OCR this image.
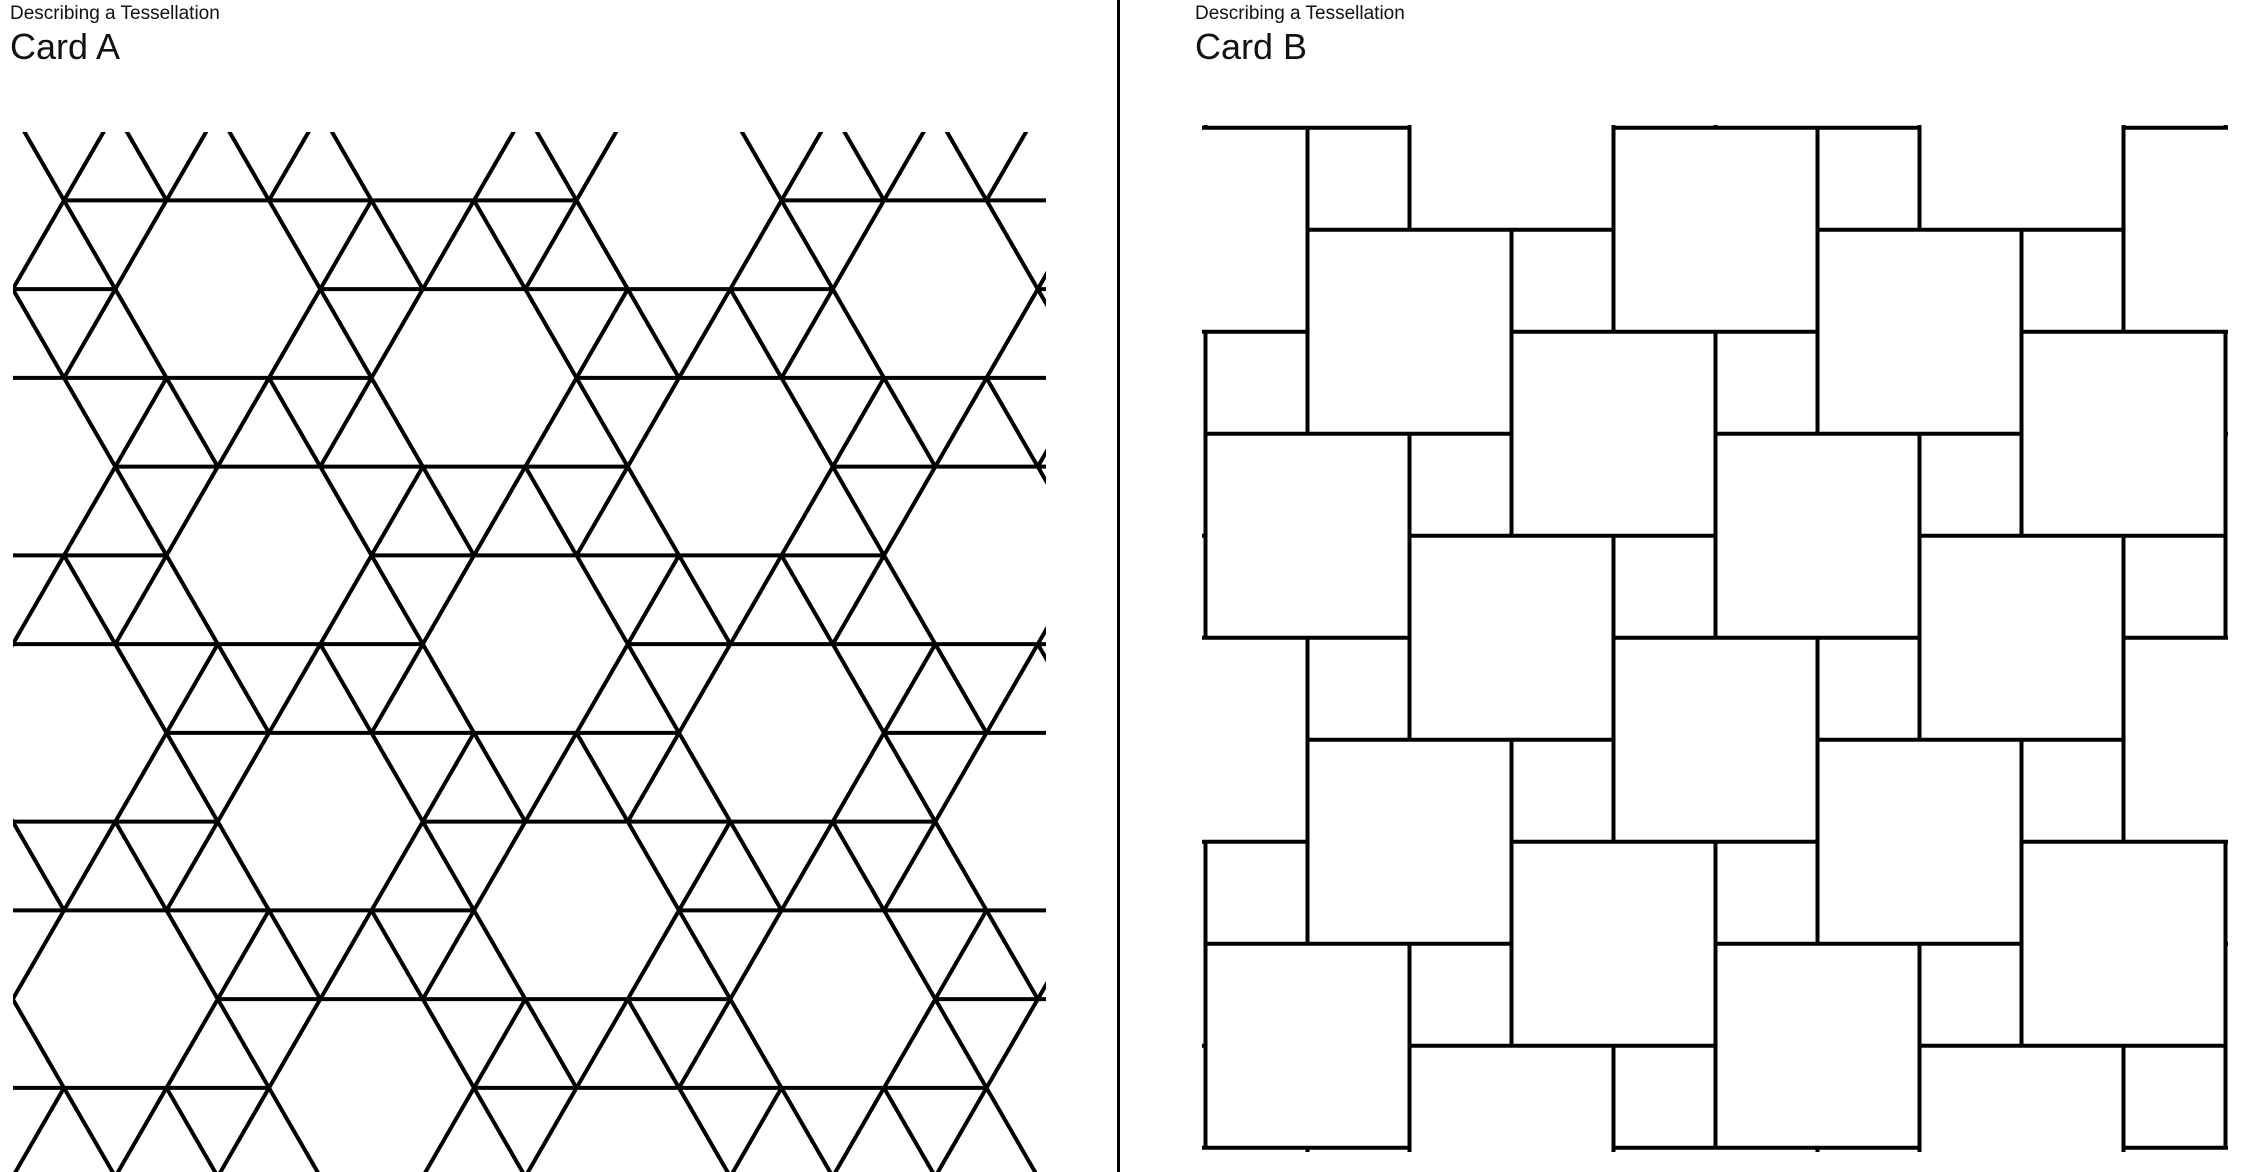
Describing a Tessellation
Card A
Describing a Tessellation
Card B
